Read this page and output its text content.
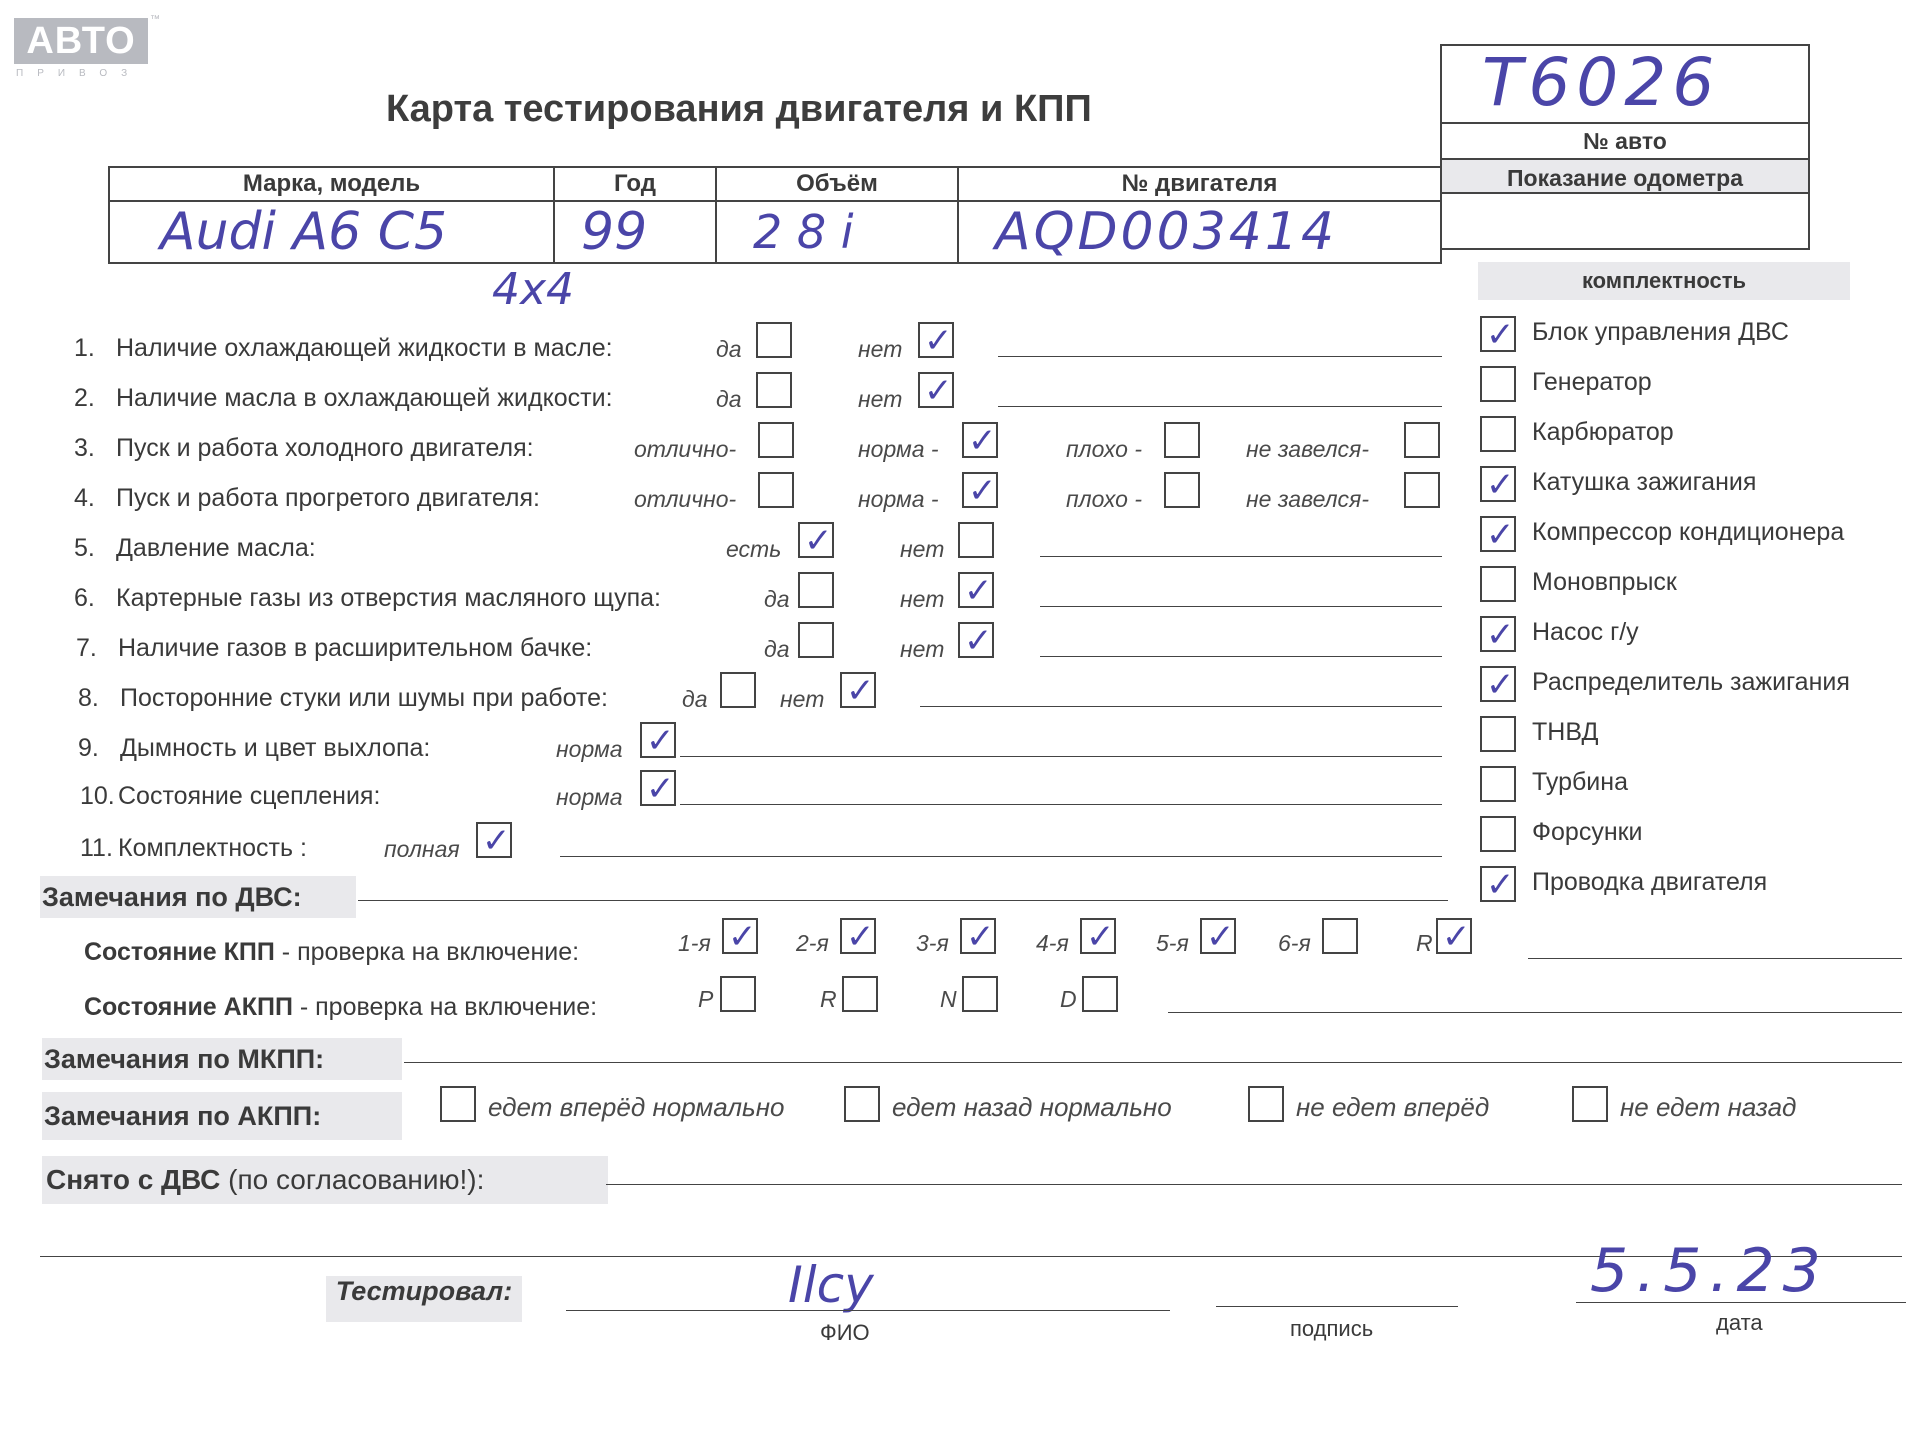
АВТО
™
ПРИВОЗ
Карта тестирования двигателя и КПП	T6026
№ авто
Показание одометра
Марка, модель	Год	Объём	№ двигателя
Audi A6 C5	99	2 8 i	AQD003414
4x4	комплектность
Замечания по ДВС:
Состояние КПП - проверка на включение:
Состояние АКПП - проверка на включение:
Замечания по МКПП:
Замечания по АКПП:
Снято с ДВС (по согласованию!):
Тестировал:	Ilcy
ФИО	подпись
5.5.23
дата
1. Наличие охлаждающей жидкости в масле:	да	нет ✓
2. Наличие масла в охлаждающей жидкости:	да	нет ✓
3. Пуск и работа холодного двигателя:	отлично-	норма - ✓	плохо -	не завелся-
4. Пуск и работа прогретого двигателя:	отлично-	норма - ✓	плохо -	не завелся-
5. Давление масла:	есть ✓	нет
6. Картерные газы из отверстия масляного щупа:	да	нет ✓
7. Наличие газов в расширительном бачке:	да	нет ✓
8. Посторонние стуки или шумы при работе:	да	нет ✓
9. Дымность и цвет выхлопа:	норма ✓
10. Состояние сцепления:	норма ✓
11. Комплектность :	полная ✓
✓ Блок управления ДВС
Генератор
Карбюратор
✓ Катушка зажигания
✓ Компрессор кондиционера
Моновпрыск
✓ Насос г/у
✓ Распределитель зажигания
ТНВД
Турбина
Форсунки
✓ Проводка двигателя
1-я ✓ 2-я ✓ 3-я ✓ 4-я ✓ 5-я ✓ 6-я	R ✓
P	R	N	D
едет вперёд нормально	едет назад нормально	не едет вперёд	не едет назад
